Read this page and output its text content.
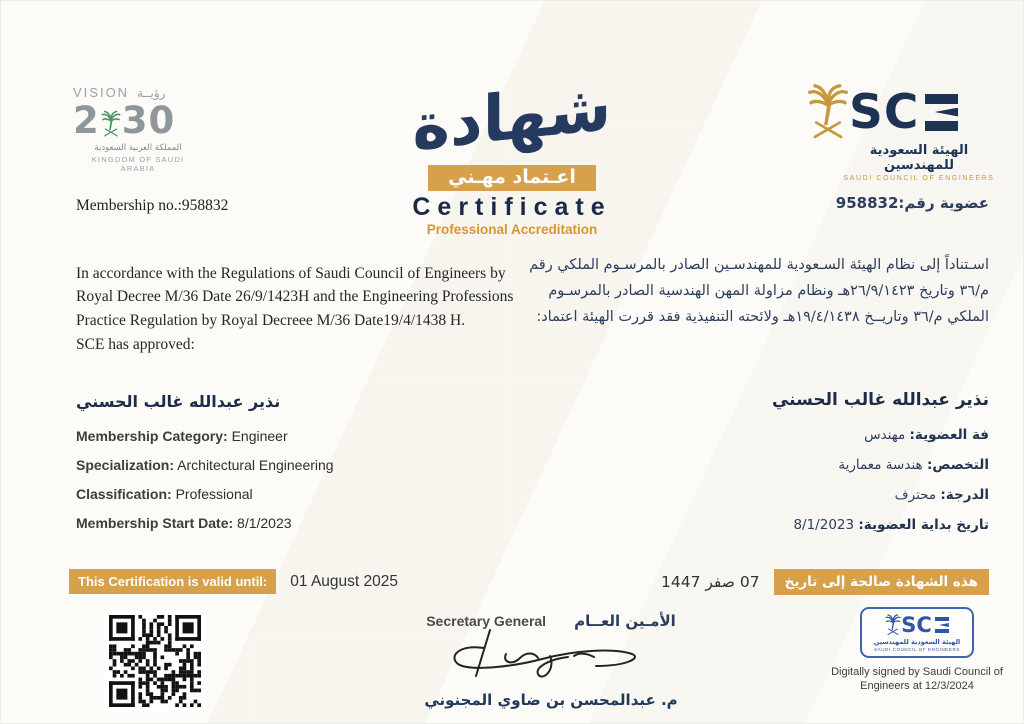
VISION رؤيــة
2 30
المملكة العربية السعودية
KINGDOM OF SAUDI ARABIA
شهادة
اعـتماد مهـني
Certificate
Professional Accreditation
SC
الهيئة السعودية للمهندسين
SAUDI COUNCIL OF ENGINEERS
Membership no.:958832	عضوية رقم:958832
In accordance with the Regulations of Saudi Council of Engineers by Royal Decree M/36 Date 26/9/1423H and the Engineering Professions Practice Regulation by Royal Decreee M/36 Date19/4/1438 H.
SCE has approved:
اسـتناداً إلى نظام الهيئة السـعودية للمهندسـين الصادر بالمرسـوم الملكي رقم م/٣٦ وتاريخ ٢٦/٩/١٤٢٣هـ ونظام مزاولة المهن الهندسية الصادر بالمرسـوم الملكي م/٣٦ وتاريــخ ١٩/٤/١٤٣٨هـ ولائحته التنفيذية فقد قررت الهيئة اعتماد:
نذير عبدالله غالب الحسني
Membership Category: Engineer
Specialization: Architectural Engineering
Classification: Professional
Membership Start Date: 8/1/2023
نذير عبدالله غالب الحسني
فة العضوية: مهندس
التخصص: هندسة معمارية
الدرجة: محترف
تاريخ بداية العضوية: 8/1/2023
This Certification is valid until:	01 August 2025	هذه الشهادة صالحة إلى تاريخ
07 صفر 1447
Secretary General الأمـين العــام
م. عبدالمحسن بن ضاوي المجنوني
SC
الهيئة السعودية للمهندسين
SAUDI COUNCIL OF ENGINEERS
Digitally signed by Saudi Council of
Engineers at 12/3/2024
